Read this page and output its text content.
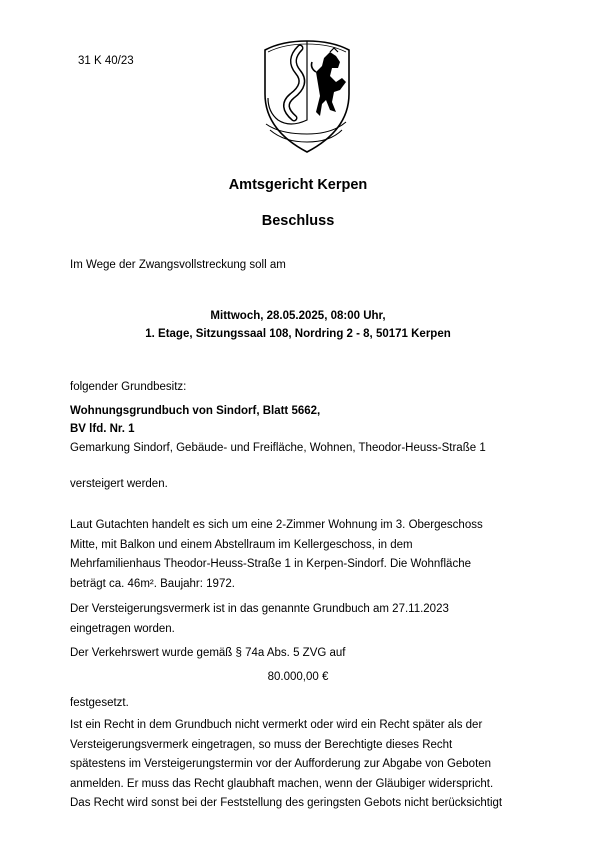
31 K 40/23
Amtsgericht Kerpen
Beschluss
Im Wege der Zwangsvollstreckung soll am
Mittwoch, 28.05.2025, 08:00 Uhr,
1. Etage, Sitzungssaal 108, Nordring 2 - 8, 50171 Kerpen
folgender Grundbesitz:
Wohnungsgrundbuch von Sindorf, Blatt 5662,
BV lfd. Nr. 1
Gemarkung Sindorf, Gebäude- und Freifläche, Wohnen, Theodor-Heuss-Straße 1
versteigert werden.
Laut Gutachten handelt es sich um eine 2-Zimmer Wohnung im 3. Obergeschoss
Mitte, mit Balkon und einem Abstellraum im Kellergeschoss, in dem
Mehrfamilienhaus Theodor-Heuss-Straße 1 in Kerpen-Sindorf. Die Wohnfläche
beträgt ca. 46m². Baujahr: 1972.
Der Versteigerungsvermerk ist in das genannte Grundbuch am 27.11.2023
eingetragen worden.
Der Verkehrswert wurde gemäß § 74a Abs. 5 ZVG auf
80.000,00 €
festgesetzt.
Ist ein Recht in dem Grundbuch nicht vermerkt oder wird ein Recht später als der
Versteigerungsvermerk eingetragen, so muss der Berechtigte dieses Recht
spätestens im Versteigerungstermin vor der Aufforderung zur Abgabe von Geboten
anmelden. Er muss das Recht glaubhaft machen, wenn der Gläubiger widerspricht.
Das Recht wird sonst bei der Feststellung des geringsten Gebots nicht berücksichtigt
